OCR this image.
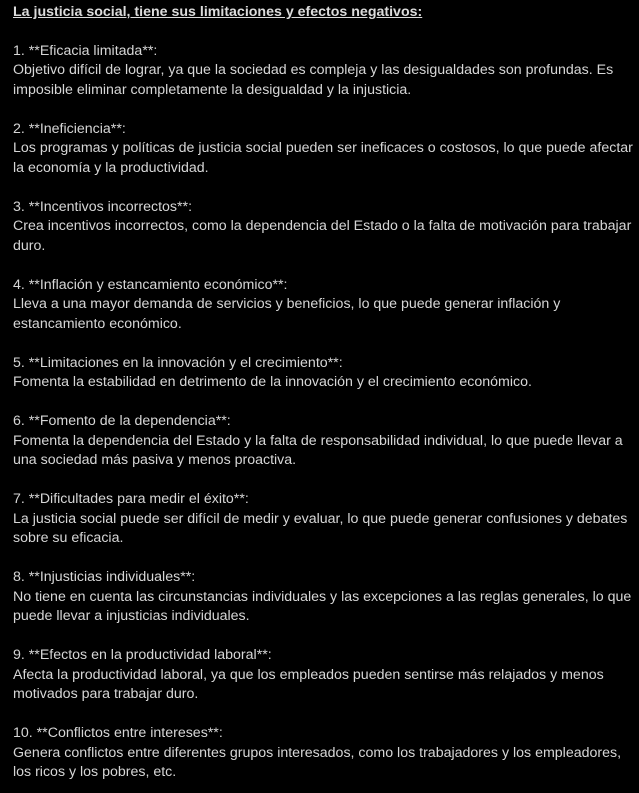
La justicia social, tiene sus limitaciones y efectos negativos:
1. **Eficacia limitada**:
Objetivo difícil de lograr, ya que la sociedad es compleja y las desigualdades son profundas. Es imposible eliminar completamente la desigualdad y la injusticia.
2. **Ineficiencia**:
Los programas y políticas de justicia social pueden ser ineficaces o costosos, lo que puede afectar la economía y la productividad.
3. **Incentivos incorrectos**:
Crea incentivos incorrectos, como la dependencia del Estado o la falta de motivación para trabajar duro.
4. **Inflación y estancamiento económico**:
Lleva a una mayor demanda de servicios y beneficios, lo que puede generar inflación y estancamiento económico.
5. **Limitaciones en la innovación y el crecimiento**:
Fomenta la estabilidad en detrimento de la innovación y el crecimiento económico.
6. **Fomento de la dependencia**:
Fomenta la dependencia del Estado y la falta de responsabilidad individual, lo que puede llevar a una sociedad más pasiva y menos proactiva.
7. **Dificultades para medir el éxito**:
La justicia social puede ser difícil de medir y evaluar, lo que puede generar confusiones y debates sobre su eficacia.
8. **Injusticias individuales**:
No tiene en cuenta las circunstancias individuales y las excepciones a las reglas generales, lo que puede llevar a injusticias individuales.
9. **Efectos en la productividad laboral**:
Afecta la productividad laboral, ya que los empleados pueden sentirse más relajados y menos motivados para trabajar duro.
10. **Conflictos entre intereses**:
Genera conflictos entre diferentes grupos interesados, como los trabajadores y los empleadores, los ricos y los pobres, etc.
